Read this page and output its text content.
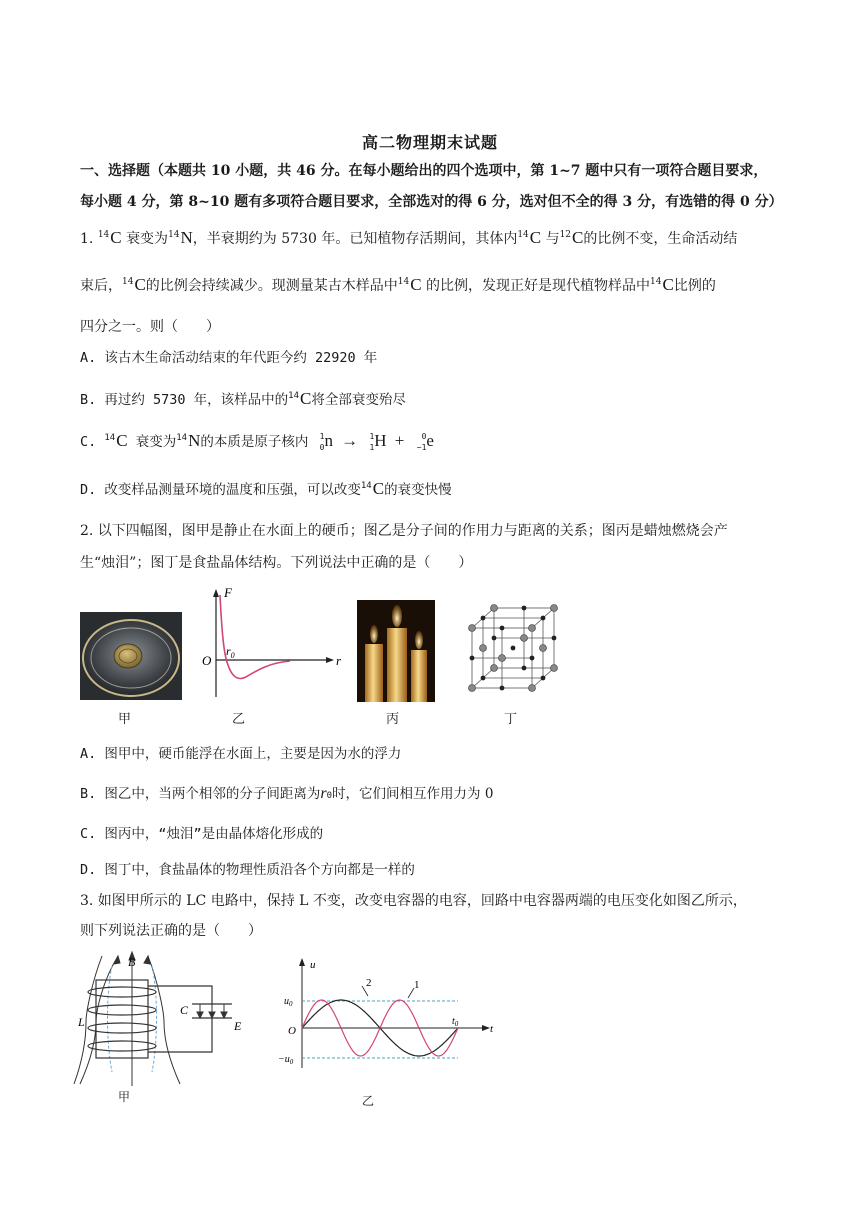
高二物理期末试题
一、选择题（本题共 10 小题，共 46 分。在每小题给出的四个选项中，第 1~7 题中只有一项符合题目要求，
每小题 4 分，第 8~10 题有多项符合题目要求，全部选对的得 6 分，选对但不全的得 3 分，有选错的得 0 分）
1. $^{14}$C 衰变为$^{14}$N，半衰期约为 5730 年。已知植物存活期间，其体内$^{14}$C 与$^{12}$C的比例不变，生命活动结
束后，$^{14}$C的比例会持续减少。现测量某古木样品中$^{14}$C 的比例，发现正好是现代植物样品中$^{14}$C比例的
四分之一。则（　　）
A. 该古木生命活动结束的年代距今约 22920 年
B. 再过约 5730 年，该样品中的$^{14}$C将全部衰变殆尽
C. $^{14}$C 衰变为$^{14}$N的本质是原子核内 1
0 n → 1
1 H + 0
−1 e
D. 改变样品测量环境的温度和压强，可以改变$^{14}$C的衰变快慢
2. 以下四幅图，图甲是静止在水面上的硬币；图乙是分子间的作用力与距离的关系；图丙是蜡烛燃烧会产
生“烛泪”；图丁是食盐晶体结构。下列说法中正确的是（　　）
甲
F
O	r
$r_0$
乙	丙	丁
A. 图甲中，硬币能浮在水面上，主要是因为水的浮力
B. 图乙中，当两个相邻的分子间距离为r0时，它们间相互作用力为 0
C. 图丙中，“烛泪”是由晶体熔化形成的
D. 图丁中，食盐晶体的物理性质沿各个方向都是一样的
3. 如图甲所示的 LC 电路中，保持 L 不变，改变电容器的电容，回路中电容器两端的电压变化如图乙所示，
则下列说法正确的是（　　）
B
L
C
E
甲
2	1
u
$u_0$
O
$-u_0$
$t_0$	t
乙
